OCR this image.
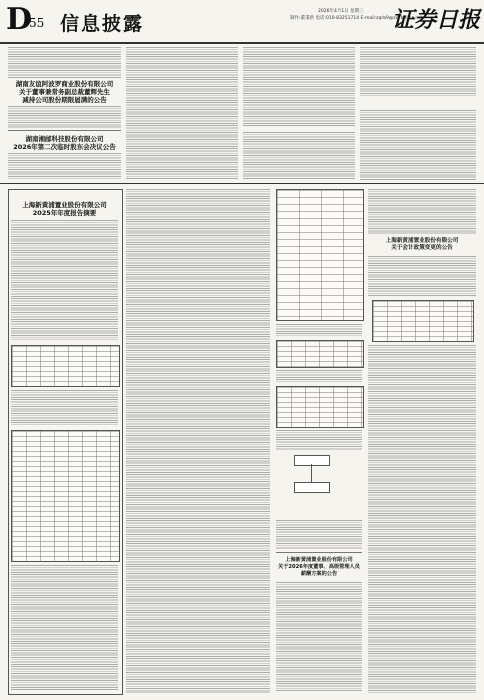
D
55 信息披露
2026年4月1日 星期三
制作:董秉新 电话:010-83251714 E-mail:zqrb9@zqrb.sina.net
证券日报
湖南友谊阿波罗商业股份有限公司
关于董事兼常务副总裁董辉先生
减持公司股份期限届满的公告
湖南湘邮科技股份有限公司
2026年第二次临时股东会决议公告
上海新黄浦置业股份有限公司
2025年年度报告摘要
上海新黄浦置业股份有限公司
关于2026年度董事、高级管理人员
薪酬方案的公告
上海新黄浦置业股份有限公司
关于会计政策变更的公告
